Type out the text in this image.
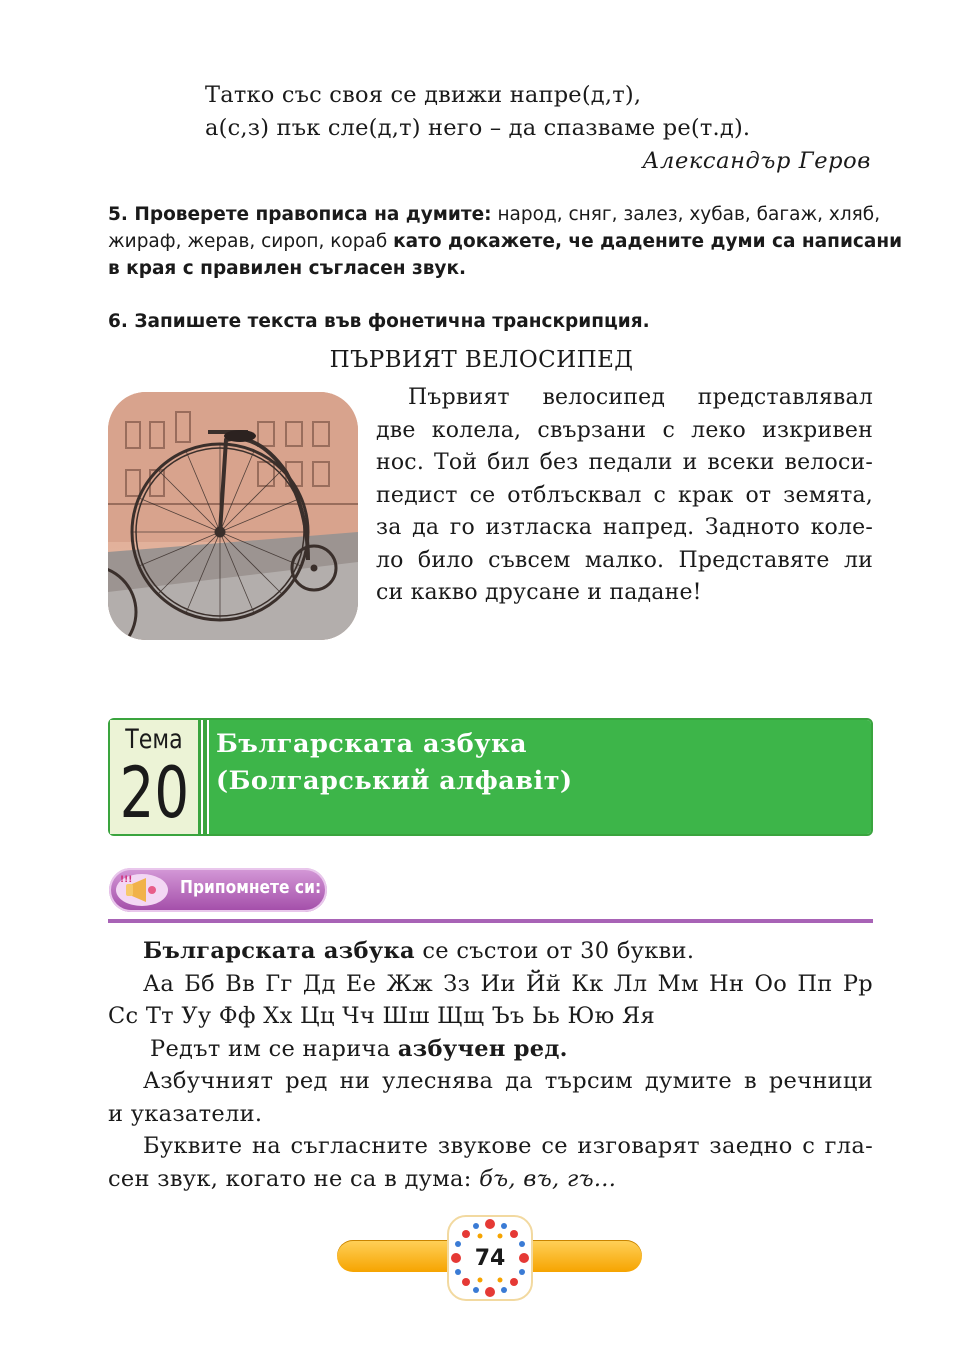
Татко със своя се движи напре(д,т),
а(с,з) пък сле(д,т) него – да спазваме ре(т.д).
Александър Геров
5. Проверете правописа на думите: народ, сняг, залез, хубав, багаж, хляб,
жираф, жерав, сироп, кораб като докажете, че дадените думи са написани
в края с правилен съгласен звук.
6. Запишете текста във фонетична транскрипция.
ПЪРВИЯТ ВЕЛОСИПЕД
Първият велосипед представлявал
две колела, свързани с леко изкривен
нос. Той бил без педали и всеки велоси-
педист се отблъсквал с крак от земята,
за да го изтласка напред. Задното коле-
ло било съвсем малко. Представяте ли
си какво друсане и падане!
Тема
20
Българската азбука
(Болгарський алфавіт)
!!!	Припомнете си:

Българската азбука се състои от 30 букви.

Аа Бб Вв Гг Дд Ее Жж Зз Ии Йй Кк Лл Мм Нн Оо Пп Рр
Сс Тт Уу Фф Хх Цц Чч Шш Щщ Ъъ Ьь Юю Яя

Редът им се нарича азбучен ред.

Азбучният ред ни улеснява да търсим думите в речници
и указатели.
Буквите на съгласните звукове се изговарят заедно с гла-

сен звук, когато не са в дума: бъ, въ, гъ...

74
